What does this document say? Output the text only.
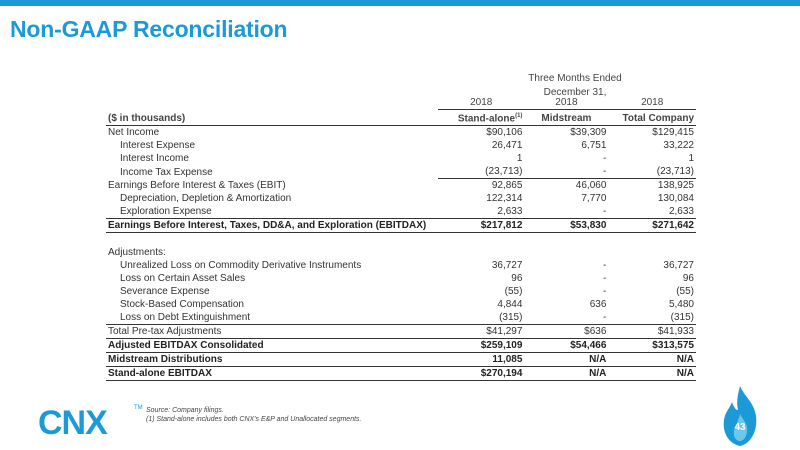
Non-GAAP Reconciliation
Three Months Ended
December 31,
	2018	2018	2018
($ in thousands)	Stand-alone$^{(1)}$	Midstream	Total Company
Net Income	$90,106	$39,309	$129,415
Interest Expense	26,471	6,751	33,222
Interest Income	1	-	1
Income Tax Expense	(23,713)	-	(23,713)
Earnings Before Interest & Taxes (EBIT)	92,865	46,060	138,925
Depreciation, Depletion & Amortization	122,314	7,770	130,084
Exploration Expense	2,633	-	2,633
Earnings Before Interest, Taxes, DD&A, and Exploration (EBITDAX)	$217,812	$53,830	$271,642

Adjustments:			
Unrealized Loss on Commodity Derivative Instruments	36,727	-	36,727
Loss on Certain Asset Sales	96	-	96
Severance Expense	(55)	-	(55)
Stock-Based Compensation	4,844	636	5,480
Loss on Debt Extinguishment	(315)	-	(315)
Total Pre-tax Adjustments	$41,297	$636	$41,933
Adjusted EBITDAX Consolidated	$259,109	$54,466	$313,575
Midstream Distributions	11,085	N/A	N/A
Stand-alone EBITDAX	$270,194	N/A	N/A
CNX	TM Source: Company filings.
(1) Stand-alone includes both CNX's E&P and Unallocated segments.
43
